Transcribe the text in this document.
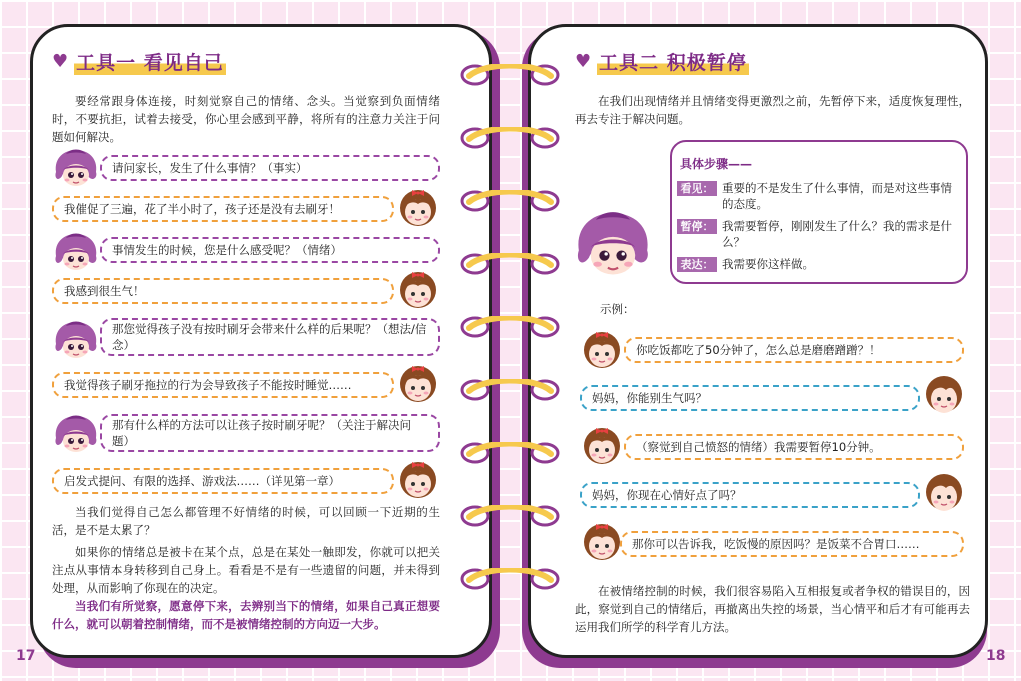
♥ 工具一 看见自己

要经常跟身体连接，时刻觉察自己的情绪、念头。当觉察到负面情绪时，不要抗拒，试着去接受，你心里会感到平静，将所有的注意力关注于问题如何解决。

请问家长，发生了什么事情？（事实）
我催促了三遍，花了半小时了，孩子还是没有去刷牙！
事情发生的时候，您是什么感受呢？（情绪）
我感到很生气！
那您觉得孩子没有按时刷牙会带来什么样的后果呢？（想法/信念）
我觉得孩子刷牙拖拉的行为会导致孩子不能按时睡觉……
那有什么样的方法可以让孩子按时刷牙呢？（关注于解决问题）
启发式提问、有限的选择、游戏法……（详见第一章）

当我们觉得自己怎么都管理不好情绪的时候，可以回顾一下近期的生活，是不是太累了？

如果你的情绪总是被卡在某个点，总是在某处一触即发，你就可以把关注点从事情本身转移到自己身上。看看是不是有一些遗留的问题，并未得到处理，从而影响了你现在的决定。

当我们有所觉察，愿意停下来，去辨别当下的情绪，如果自己真正想要什么，就可以朝着控制情绪，而不是被情绪控制的方向迈一大步。

17
♥ 工具二 积极暂停

在我们出现情绪并且情绪变得更激烈之前，先暂停下来，适度恢复理性，再去专注于解决问题。

具体步骤——
看见： 重要的不是发生了什么事情，而是对这些事情的态度。
暂停： 我需要暂停，刚刚发生了什么？我的需求是什么？
表达： 我需要你这样做。
示例：
你吃饭都吃了50分钟了，怎么总是磨磨蹭蹭？！
妈妈，你能别生气吗？
（察觉到自己愤怒的情绪）我需要暂停10分钟。
妈妈，你现在心情好点了吗？
那你可以告诉我，吃饭慢的原因吗？是饭菜不合胃口……

在被情绪控制的时候，我们很容易陷入互相报复或者争权的错误目的，因此，察觉到自己的情绪后，再撤离出失控的场景，当心情平和后才有可能再去运用我们所学的科学育儿方法。

18
